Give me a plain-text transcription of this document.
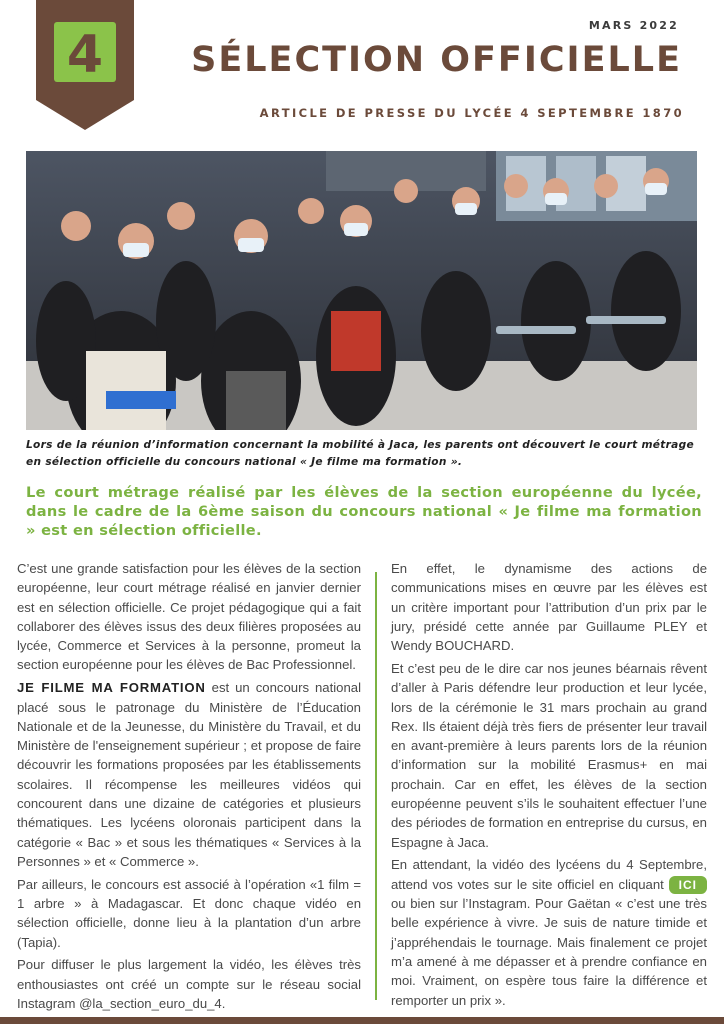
4	MARS 2022
SÉLECTION OFFICIELLE
ARTICLE DE PRESSE DU LYCÉE 4 SEPTEMBRE 1870
Lors de la réunion d’information concernant la mobilité à Jaca, les parents ont découvert le court métrage en sélection officielle du concours national « Je filme ma formation ».
Le court métrage réalisé par les élèves de la section européenne du lycée, dans le cadre de la 6ème saison du concours national « Je filme ma formation » est en sélection officielle.

C’est une grande satisfaction pour les élèves de la section européenne, leur court métrage réalisé en janvier dernier est en sélection officielle. Ce projet pédagogique qui a fait collaborer des élèves issus des deux filières proposées au lycée, Commerce et Services à la personne, promeut la section européenne pour les élèves de Bac Professionnel.

JE FILME MA FORMATION est un concours national placé sous le patronage du Ministère de l’Éducation Nationale et de la Jeunesse, du Ministère du Travail, et du Ministère de l'enseignement supérieur ; et propose de faire découvrir les formations proposées par les établissements scolaires. Il récompense les meilleures vidéos qui concourent dans une dizaine de catégories et plusieurs thématiques. Les lycéens oloronais participent dans la catégorie « Bac » et sous les thématiques « Services à la Personnes » et « Commerce ».

Par ailleurs, le concours est associé à l’opération «1 film = 1 arbre » à Madagascar. Et donc chaque vidéo en sélection officielle, donne lieu à la plantation d’un arbre (Tapia).

Pour diffuser le plus largement la vidéo, les élèves très enthousiastes ont créé un compte sur le réseau social Instagram @la_section_euro_du_4.

En effet, le dynamisme des actions de communications mises en œuvre par les élèves est un critère important pour l’attribution d’un prix par le jury, présidé cette année par Guillaume PLEY et Wendy BOUCHARD.

Et c’est peu de le dire car nos jeunes béarnais rêvent d’aller à Paris défendre leur production et leur lycée, lors de la cérémonie le 31 mars prochain au grand Rex. Ils étaient déjà très fiers de présenter leur travail en avant-première à leurs parents lors de la réunion d’information sur la mobilité Erasmus+ en mai prochain. Car en effet, les élèves de la section européenne peuvent s’ils le souhaitent effectuer l’une des périodes de formation en entreprise du cursus, en Espagne à Jaca.

En attendant, la vidéo des lycéens du 4 Septembre, attend vos votes sur le site officiel en cliquant ICI ou bien sur l’Instagram. Pour Gaëtan « c’est une très belle expérience à vivre. Je suis de nature timide et j’appréhendais le tournage. Mais finalement ce projet m’a amené à me dépasser et à prendre confiance en moi. Vraiment, on espère tous faire la différence et remporter un prix ».
